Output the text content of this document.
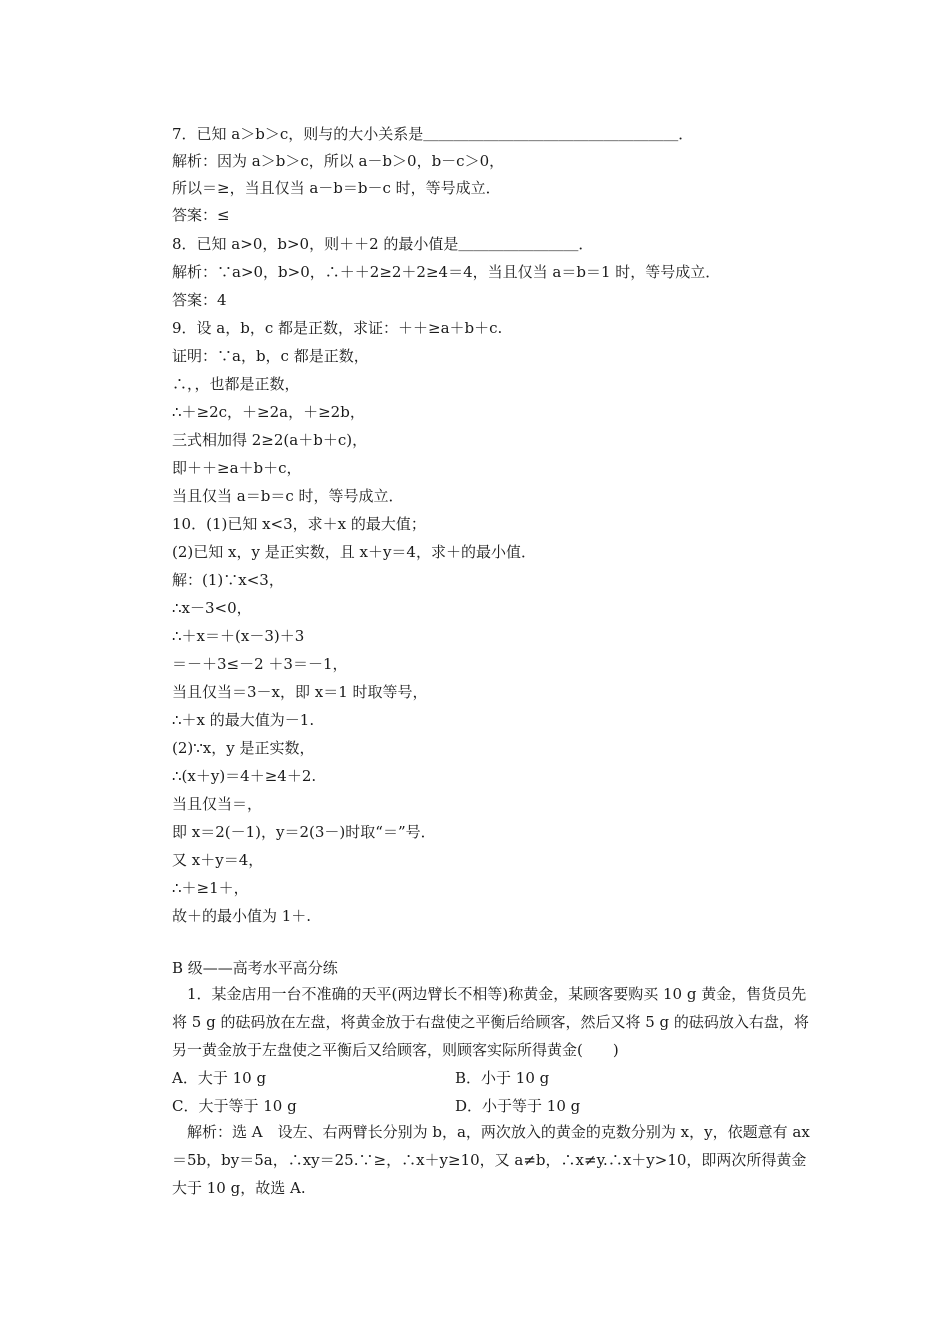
7．已知 a＞b＞c，则与的大小关系是＿＿＿＿＿＿＿＿＿＿＿＿＿＿＿＿＿．
解析：因为 a＞b＞c，所以 a－b＞0，b－c＞0，
所以＝≥，当且仅当 a－b＝b－c 时，等号成立．
答案：≤
8．已知 a>0，b>0，则＋＋2 的最小值是＿＿＿＿＿＿＿＿．
解析：∵a>0，b>0，∴＋＋2≥2＋2≥4＝4，当且仅当 a＝b＝1 时，等号成立．
答案：4
9．设 a，b，c 都是正数，求证：＋＋≥a＋b＋c.
证明：∵a，b，c 都是正数，
∴，，也都是正数，
∴＋≥2c，＋≥2a，＋≥2b，
三式相加得 2≥2(a＋b＋c)，
即＋＋≥a＋b＋c，
当且仅当 a＝b＝c 时，等号成立．
10．(1)已知 x<3，求＋x 的最大值；
(2)已知 x，y 是正实数，且 x＋y＝4，求＋的最小值．
解：(1)∵x<3，
∴x－3<0，
∴＋x＝＋(x－3)＋3
＝－＋3≤－2 ＋3＝－1，
当且仅当＝3－x，即 x＝1 时取等号，
∴＋x 的最大值为－1.
(2)∵x，y 是正实数，
∴(x＋y)＝4＋≥4＋2.
当且仅当＝，
即 x＝2(－1)，y＝2(3－)时取“＝”号．
又 x＋y＝4，
∴＋≥1＋，
故＋的最小值为 1＋.
B 级——高考水平高分练
　1．某金店用一台不准确的天平(两边臂长不相等)称黄金，某顾客要购买 10 g 黄金，售货员先将 5 g 的砝码放在左盘，将黄金放于右盘使之平衡后给顾客，然后又将 5 g 的砝码放入右盘，将另一黄金放于左盘使之平衡后又给顾客，则顾客实际所得黄金(　　)
A．大于 10 g	B．小于 10 g
C．大于等于 10 g	D．小于等于 10 g
　解析：选 A　设左、右两臂长分别为 b，a，两次放入的黄金的克数分别为 x，y，依题意有 ax＝5b，by＝5a，∴xy＝25.∵≥，∴x＋y≥10，又 a≠b，∴x≠y.∴x＋y>10，即两次所得黄金大于 10 g，故选 A.
